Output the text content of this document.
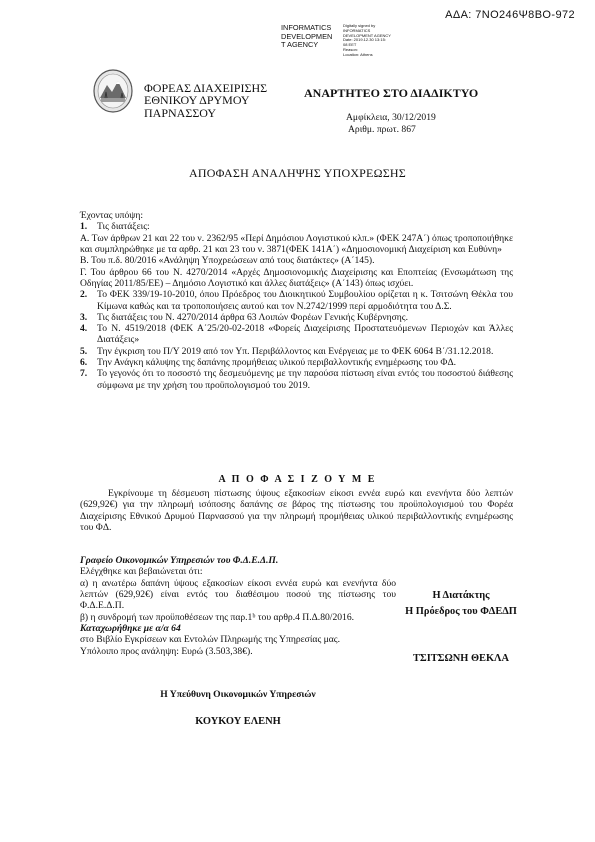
ΑΔΑ: 7ΝΟ246Ψ8ΒΟ-972
INFORMATICS
DEVELOPMEN
T AGENCY
Digitally signed by
INFORMATICS
DEVELOPMENT AGENCY
Date: 2019.12.30 13:15:
08 EET
Reason:
Location: Athens
ΦΟΡΕΑΣ ΔΙΑΧΕΙΡΙΣΗΣ
ΕΘΝΙΚΟΥ ΔΡΥΜΟΥ
ΠΑΡΝΑΣΣΟΥ
ΑΝΑΡΤΗΤΕΟ ΣΤΟ ΔΙΑΔΙΚΤΥΟ
Αμφίκλεια, 30/12/2019
Αριθμ. πρωτ. 867
ΑΠΟΦΑΣΗ ΑΝΑΛΗΨΗΣ ΥΠΟΧΡΕΩΣΗΣ

Έχοντας υπόψη:

1.	Τις διατάξεις:

Α. Των άρθρων 21 και 22 του ν. 2362/95 «Περί Δημόσιου Λογιστικού κλπ.» (ΦΕΚ 247Α΄) όπως τροποποιήθηκε και συμπληρώθηκε με τα αρθρ. 21 και 23 του ν. 3871(ΦΕΚ 141Α΄) «Δημοσιονομική Διαχείριση και Ευθύνη»

Β. Του π.δ. 80/2016 «Ανάληψη Υποχρεώσεων από τους διατάκτες» (Α΄145).

Γ. Του άρθρου 66 του Ν. 4270/2014 «Αρχές Δημοσιονομικής Διαχείρισης και Εποπτείας (Ενσωμάτωση της Οδηγίας 2011/85/ΕΕ) – Δημόσιο Λογιστικό και άλλες διατάξεις» (Α΄143) όπως ισχύει.

2.	Το ΦΕΚ 339/19-10-2010, όπου Πρόεδρος του Διοικητικού Συμβουλίου ορίζεται η κ. Τσιτσώνη Θέκλα του Κίμωνα καθώς και τα τροποποιήσεις αυτού και τον Ν.2742/1999 περί αρμοδιότητα του Δ.Σ.
3.	Τις διατάξεις του Ν. 4270/2014 άρθρα 63 Λοιπών Φορέων Γενικής Κυβέρνησης.
4.	Το Ν. 4519/2018 (ΦΕΚ Α΄25/20-02-2018 «Φορείς Διαχείρισης Προστατευόμενων Περιοχών και Άλλες Διατάξεις»
5.	Την έγκριση του Π/Υ 2019 από τον Υπ. Περιβάλλοντος και Ενέργειας με το ΦΕΚ 6064 Β΄/31.12.2018.
6.	Την Ανάγκη κάλυψης της δαπάνης προμήθειας υλικού περιβαλλοντικής ενημέρωσης του ΦΔ.
7.	Το γεγονός ότι το ποσοστό της δεσμευόμενης με την παρούσα πίστωση είναι εντός του ποσοστού διάθεσης σύμφωνα με την χρήση του προϋπολογισμού του 2019.
Α Π Ο Φ Α Σ Ι Ζ Ο Υ Μ Ε
Εγκρίνουμε τη δέσμευση πίστωσης ύψους εξακοσίων είκοσι εννέα ευρώ και ενενήντα δύο λεπτών (629,92€) για την πληρωμή ισόποσης δαπάνης σε βάρος της πίστωσης του προϋπολογισμού του Φορέα Διαχείρισης Εθνικού Δρυμού Παρνασσού για την πληρωμή προμήθειας υλικού περιβαλλοντικής ενημέρωσης του ΦΔ.

Γραφείο Οικονομικών Υπηρεσιών του Φ.Δ.Ε.Δ.Π.

Ελέγχθηκε και βεβαιώνεται ότι:

α) η ανωτέρω δαπάνη ύψους εξακοσίων είκοσι εννέα ευρώ και ενενήντα δύο λεπτών (629,92€) είναι εντός του διαθέσιμου ποσού της πίστωσης του Φ.Δ.Ε.Δ.Π.

β) η συνδρομή των προϋποθέσεων της παρ.1ᵇ του αρθρ.4 Π.Δ.80/2016.

Καταχωρήθηκε με α/α 64

στο Βιβλίο Εγκρίσεων και Εντολών Πληρωμής της Υπηρεσίας μας.

Υπόλοιπο προς ανάληψη: Ευρώ (3.503,38€).

Η Διατάκτης
Η Πρόεδρος του ΦΔΕΔΠ
ΤΣΙΤΣΩΝΗ ΘΕΚΛΑ
Η Υπεύθυνη Οικονομικών Υπηρεσιών
ΚΟΥΚΟΥ ΕΛΕΝΗ
